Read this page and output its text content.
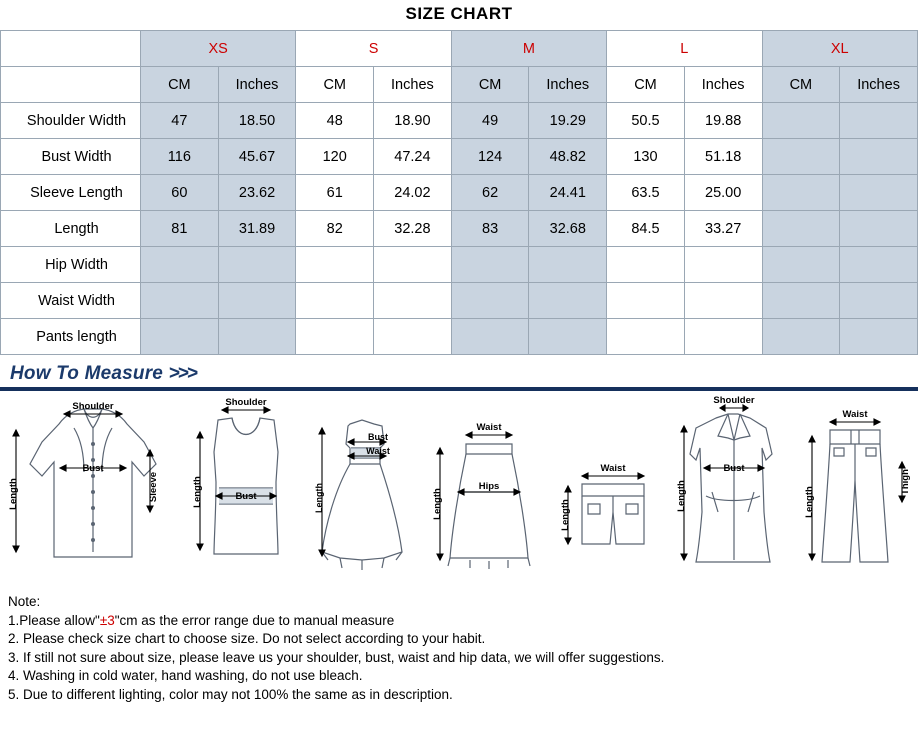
SIZE CHART
	XS		S		M		L		XL	
	CM	Inches	CM	Inches	CM	Inches	CM	Inches	CM	Inches
Shoulder Width	47	18.50	48	18.90	49	19.29	50.5	19.88		
Bust Width	116	45.67	120	47.24	124	48.82	130	51.18		
Sleeve Length	60	23.62	61	24.02	62	24.41	63.5	25.00		
Length	81	31.89	82	32.28	83	32.68	84.5	33.27		
Hip Width										
Waist Width										
Pants length										
How To Measure >>>
Shoulder
Bust
Length	Sleeve
Shoulder
Bust
Length
Bust
Waist
Length
Waist
Hips
Length
Waist
Length
Shoulder
Bust
Length
Waist
Thigh
Length
Note:
1.Please allow"±3"cm as the error range due to manual measure
2. Please check size chart to choose size. Do not select according to your habit.
3. If still not sure about size, please leave us your shoulder, bust, waist and hip data, we will offer suggestions.
4. Washing in cold water, hand washing, do not use bleach.
5. Due to different lighting, color may not 100% the same as in description.
